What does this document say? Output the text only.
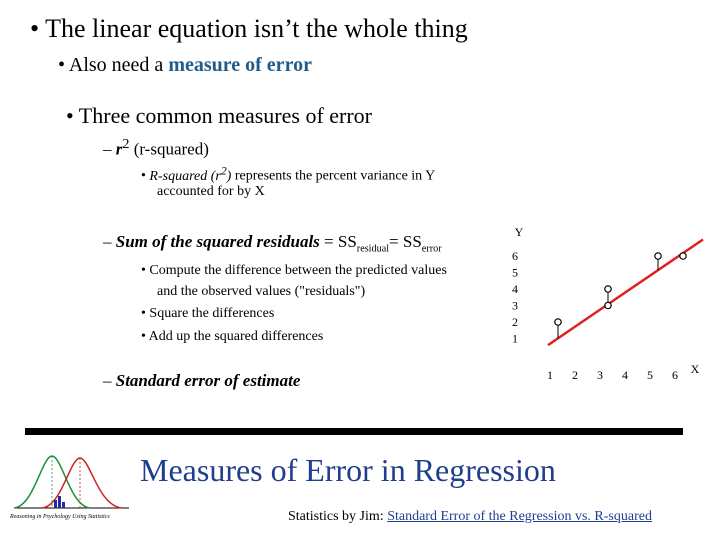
• The linear equation isn’t the whole thing
• Also need a measure of error
• Three common measures of error
– $r^2$ (r-squared)
• R-squared $(r^2)$ represents the percent variance in Y
accounted for by X
– Sum of the squared residuals = $SS_{residual}= SS_{error}$
• Compute the difference between the predicted values
and the observed values ("residuals")
• Square the differences
• Add up the squared differences
– Standard error of estimate
Y
X
1
2
3
4
5
6
1 2 3 4 5 6
Reasoning in Psychology Using Statistics
Measures of Error in Regression
Statistics by Jim: Standard Error of the Regression vs. R-squared
